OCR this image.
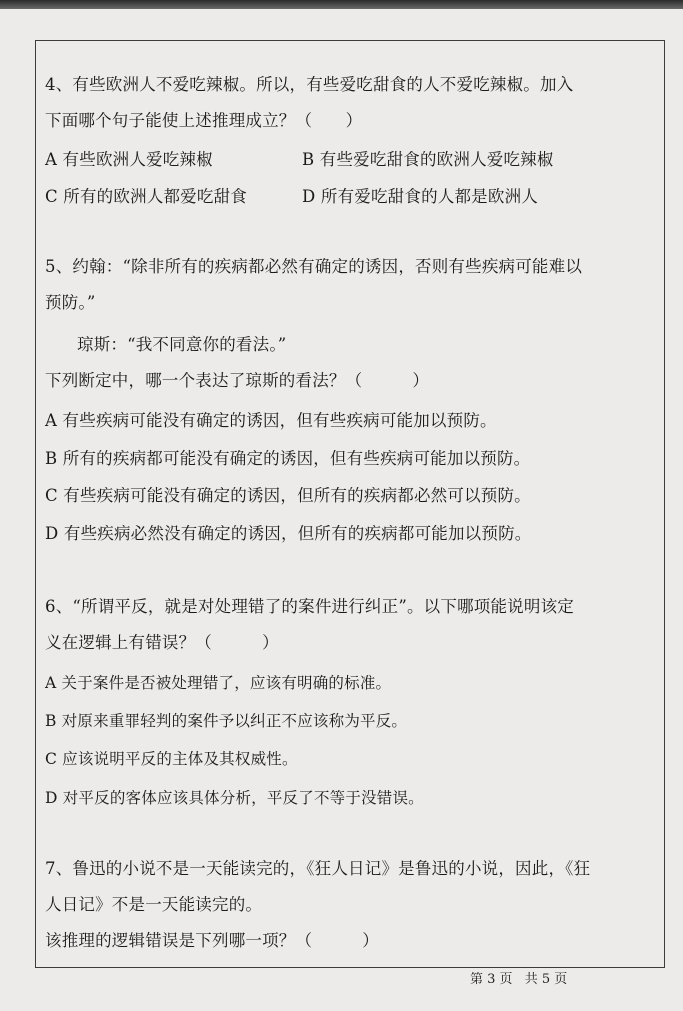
4、有些欧洲人不爱吃辣椒。所以，有些爱吃甜食的人不爱吃辣椒。加入
下面哪个句子能使上述推理成立？（　　）
A 有些欧洲人爱吃辣椒	B 有些爱吃甜食的欧洲人爱吃辣椒
C 所有的欧洲人都爱吃甜食	D 所有爱吃甜食的人都是欧洲人
5、约翰：“除非所有的疾病都必然有确定的诱因，否则有些疾病可能难以
预防。”
琼斯：“我不同意你的看法。”
下列断定中，哪一个表达了琼斯的看法？（　　　）
A 有些疾病可能没有确定的诱因，但有些疾病可能加以预防。
B 所有的疾病都可能没有确定的诱因，但有些疾病可能加以预防。
C 有些疾病可能没有确定的诱因，但所有的疾病都必然可以预防。
D 有些疾病必然没有确定的诱因，但所有的疾病都可能加以预防。
6、“所谓平反，就是对处理错了的案件进行纠正”。以下哪项能说明该定
义在逻辑上有错误？（　　　）
A 关于案件是否被处理错了，应该有明确的标准。
B 对原来重罪轻判的案件予以纠正不应该称为平反。
C 应该说明平反的主体及其权威性。
D 对平反的客体应该具体分析，平反了不等于没错误。
7、鲁迅的小说不是一天能读完的，《狂人日记》是鲁迅的小说，因此，《狂
人日记》不是一天能读完的。
该推理的逻辑错误是下列哪一项？（　　　）
第 3 页 共 5 页
